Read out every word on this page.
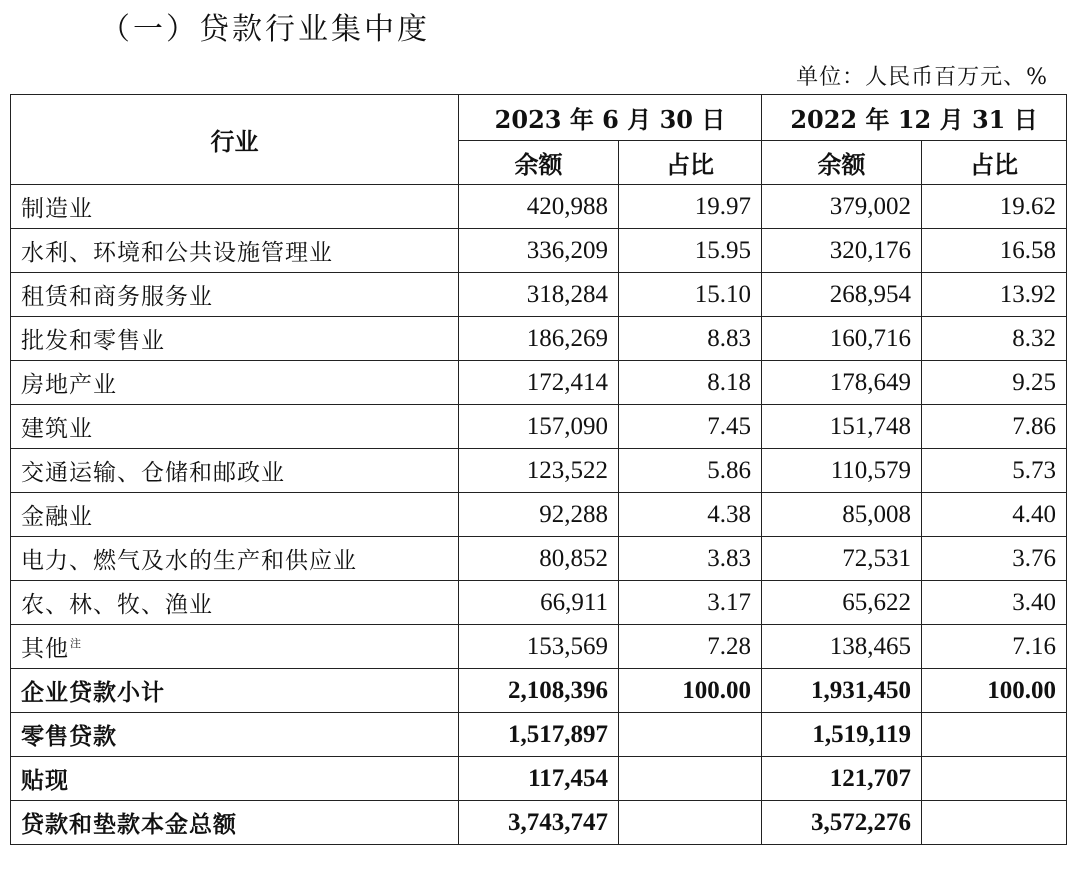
（一）贷款行业集中度
单位：人民币百万元、%
行业	2023 年 6 月 30 日		2022 年 12 月 31 日	
	余额	占比	余额	占比
制造业	420,988	19.97	379,002	19.62
水利、环境和公共设施管理业	336,209	15.95	320,176	16.58
租赁和商务服务业	318,284	15.10	268,954	13.92
批发和零售业	186,269	8.83	160,716	8.32
房地产业	172,414	8.18	178,649	9.25
建筑业	157,090	7.45	151,748	7.86
交通运输、仓储和邮政业	123,522	5.86	110,579	5.73
金融业	92,288	4.38	85,008	4.40
电力、燃气及水的生产和供应业	80,852	3.83	72,531	3.76
农、林、牧、渔业	66,911	3.17	65,622	3.40
其他$^注$	153,569	7.28	138,465	7.16
企业贷款小计	2,108,396	100.00	1,931,450	100.00
零售贷款	1,517,897		1,519,119	
贴现	117,454		121,707	
贷款和垫款本金总额	3,743,747		3,572,276	
